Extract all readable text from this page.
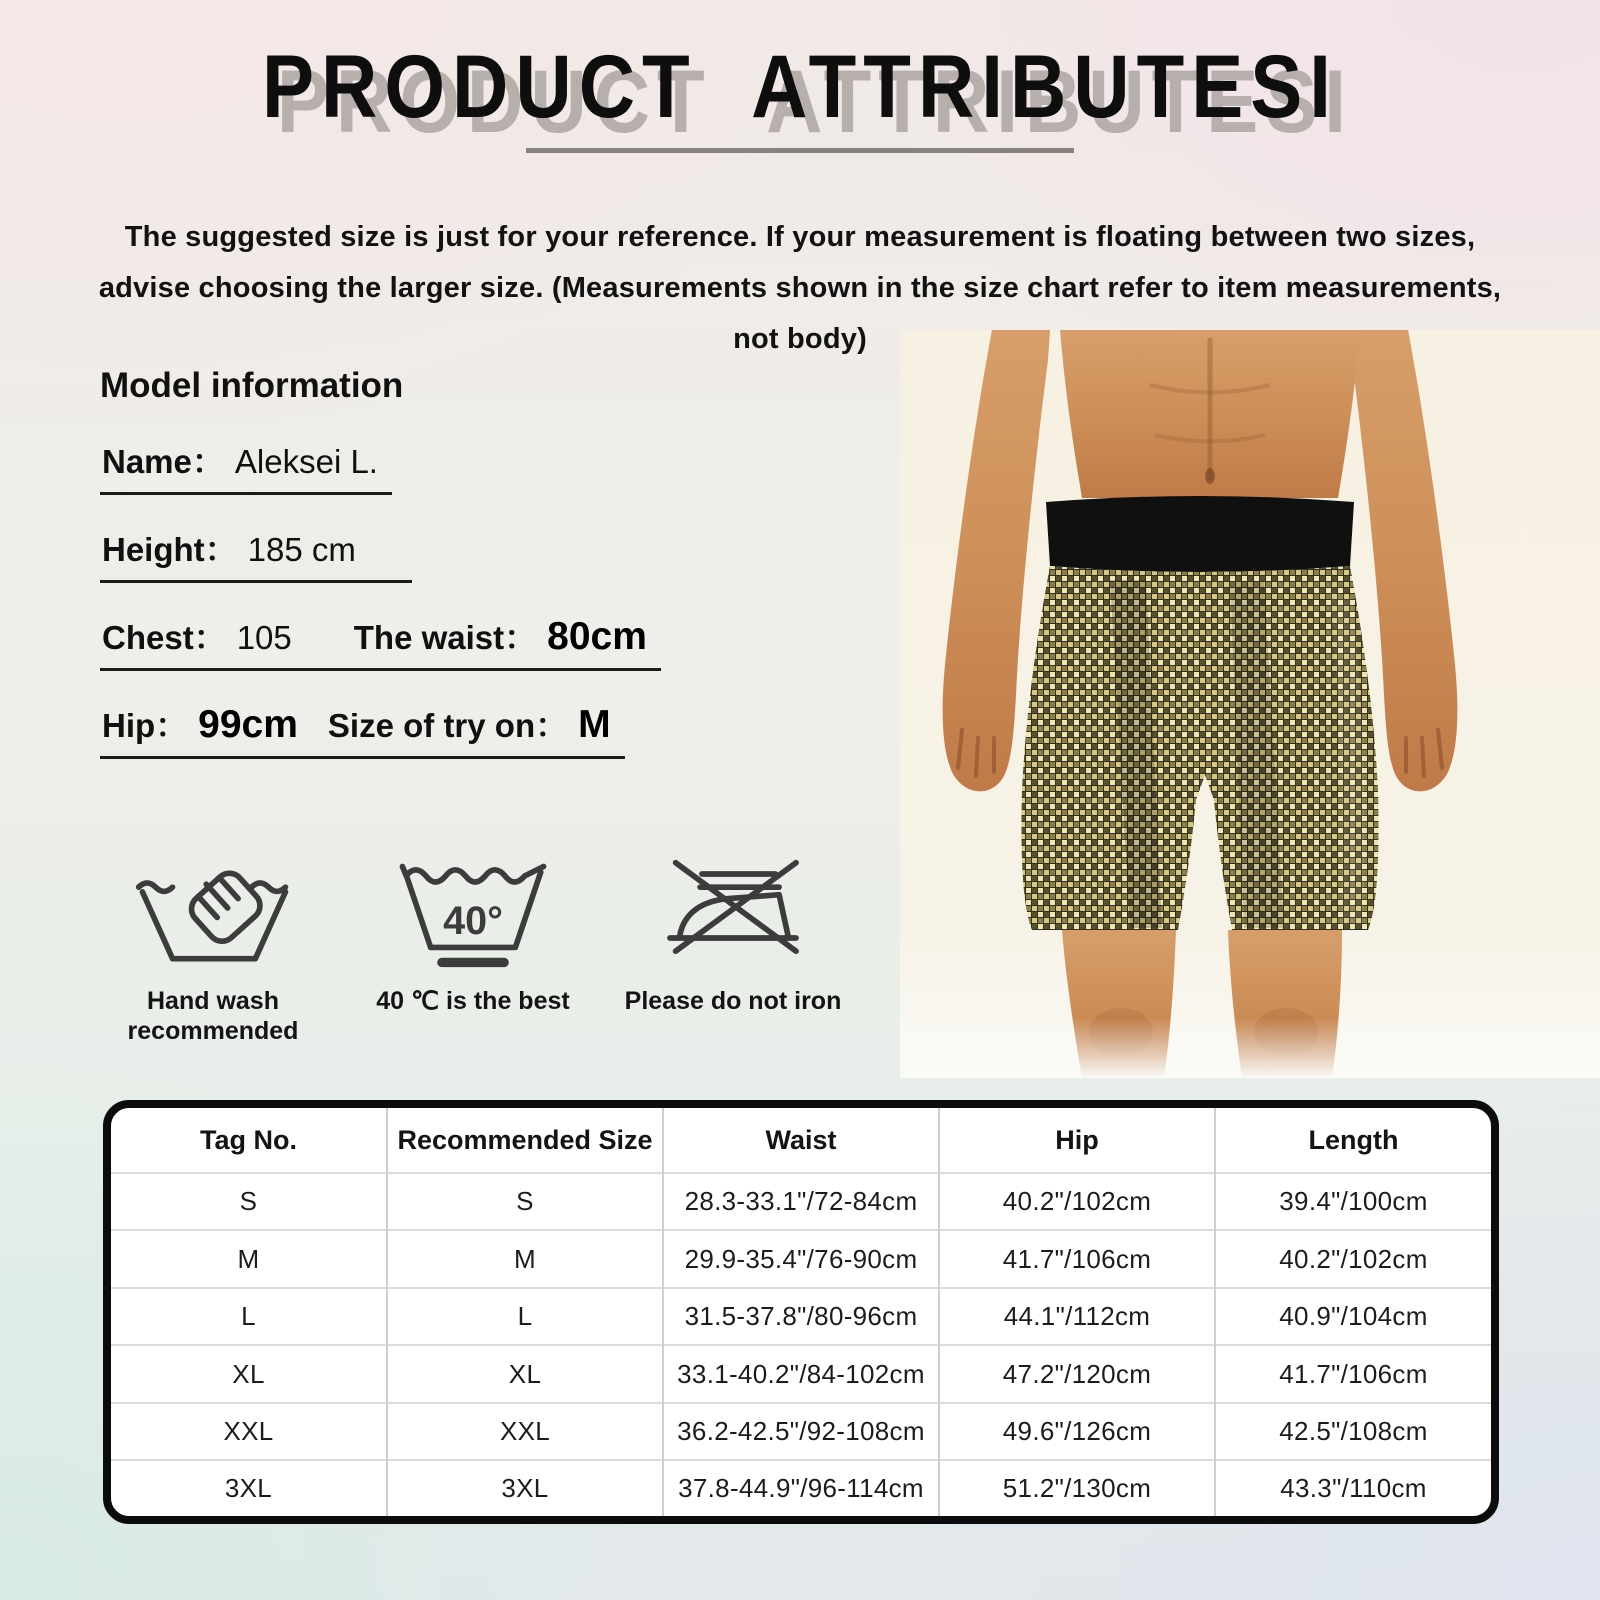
PRODUCT  ATTRIBUTESI

The suggested size is just for your reference. If your measurement is floating between two sizes, advise choosing the larger size. (Measurements shown in the size chart refer to item measurements, not body)

Model information

Name： Aleksei L.
Height： 185 cm
Chest： 105 The waist： 80cm
Hip： 99cm Size of try on： M
Hand wash
recommended
40°
40 ℃ is the best Please do not iron
Tag No.	Recommended Size	Waist	Hip	Length
S	S	28.3-33.1"/72-84cm	40.2"/102cm	39.4"/100cm
M	M	29.9-35.4"/76-90cm	41.7"/106cm	40.2"/102cm
L	L	31.5-37.8"/80-96cm	44.1"/112cm	40.9"/104cm
XL	XL	33.1-40.2"/84-102cm	47.2"/120cm	41.7"/106cm
XXL	XXL	36.2-42.5"/92-108cm	49.6"/126cm	42.5"/108cm
3XL	3XL	37.8-44.9"/96-114cm	51.2"/130cm	43.3"/110cm
